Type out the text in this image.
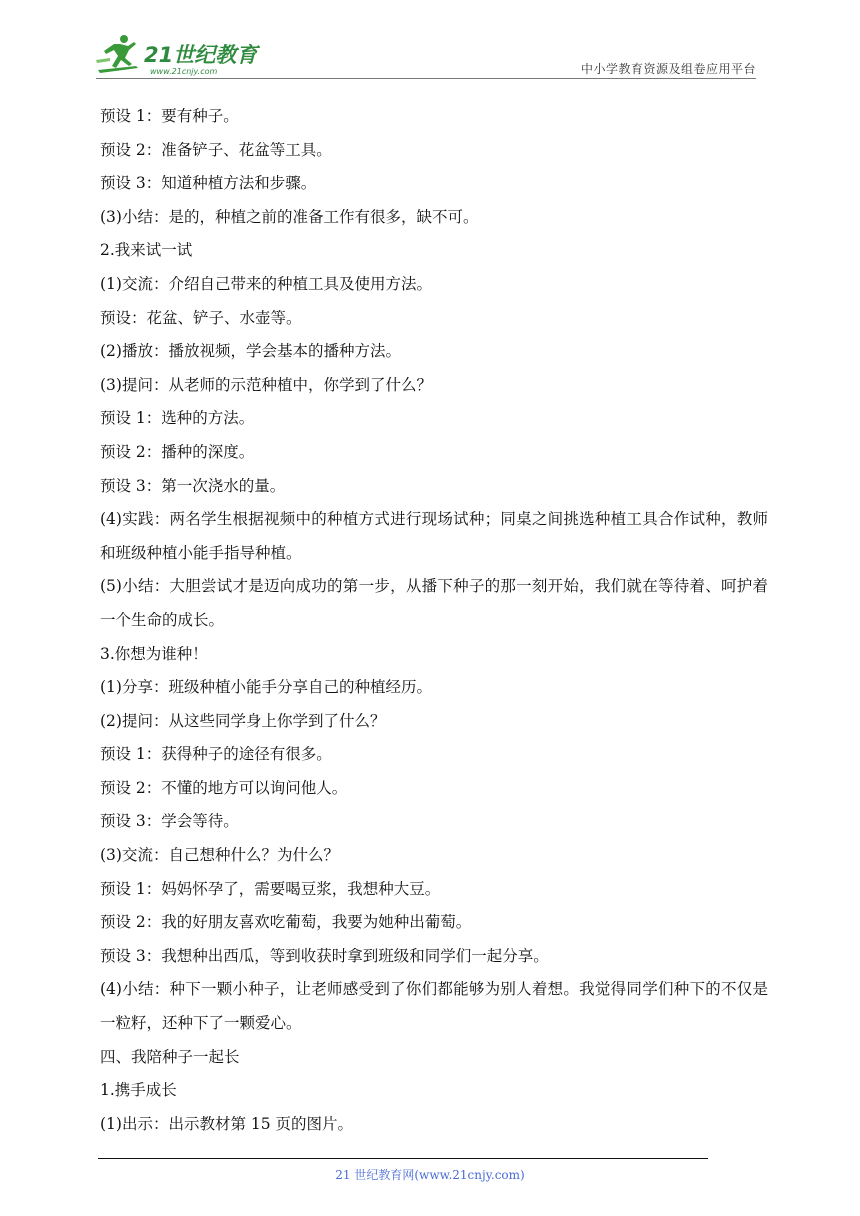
21世纪教育
www.21cnjy.com	中小学教育资源及组卷应用平台
预设 1：要有种子。
预设 2：准备铲子、花盆等工具。
预设 3：知道种植方法和步骤。
(3)小结：是的，种植之前的准备工作有很多，缺不可。
2.我来试一试
(1)交流：介绍自己带来的种植工具及使用方法。
预设：花盆、铲子、水壶等。
(2)播放：播放视频，学会基本的播种方法。
(3)提问：从老师的示范种植中，你学到了什么？
预设 1：选种的方法。
预设 2：播种的深度。
预设 3：第一次浇水的量。
(4)实践：两名学生根据视频中的种植方式进行现场试种；同桌之间挑选种植工具合作试种，教师和班级种植小能手指导种植。
(5)小结：大胆尝试才是迈向成功的第一步，从播下种子的那一刻开始，我们就在等待着、呵护着一个生命的成长。
3.你想为谁种！
(1)分享：班级种植小能手分享自己的种植经历。
(2)提问：从这些同学身上你学到了什么？
预设 1：获得种子的途径有很多。
预设 2：不懂的地方可以询问他人。
预设 3：学会等待。
(3)交流：自己想种什么？为什么？
预设 1：妈妈怀孕了，需要喝豆浆，我想种大豆。
预设 2：我的好朋友喜欢吃葡萄，我要为她种出葡萄。
预设 3：我想种出西瓜，等到收获时拿到班级和同学们一起分享。
(4)小结：种下一颗小种子，让老师感受到了你们都能够为别人着想。我觉得同学们种下的不仅是一粒籽，还种下了一颗爱心。
四、我陪种子一起长
1.携手成长
(1)出示：出示教材第 15 页的图片。
21 世纪教育网(www.21cnjy.com)
